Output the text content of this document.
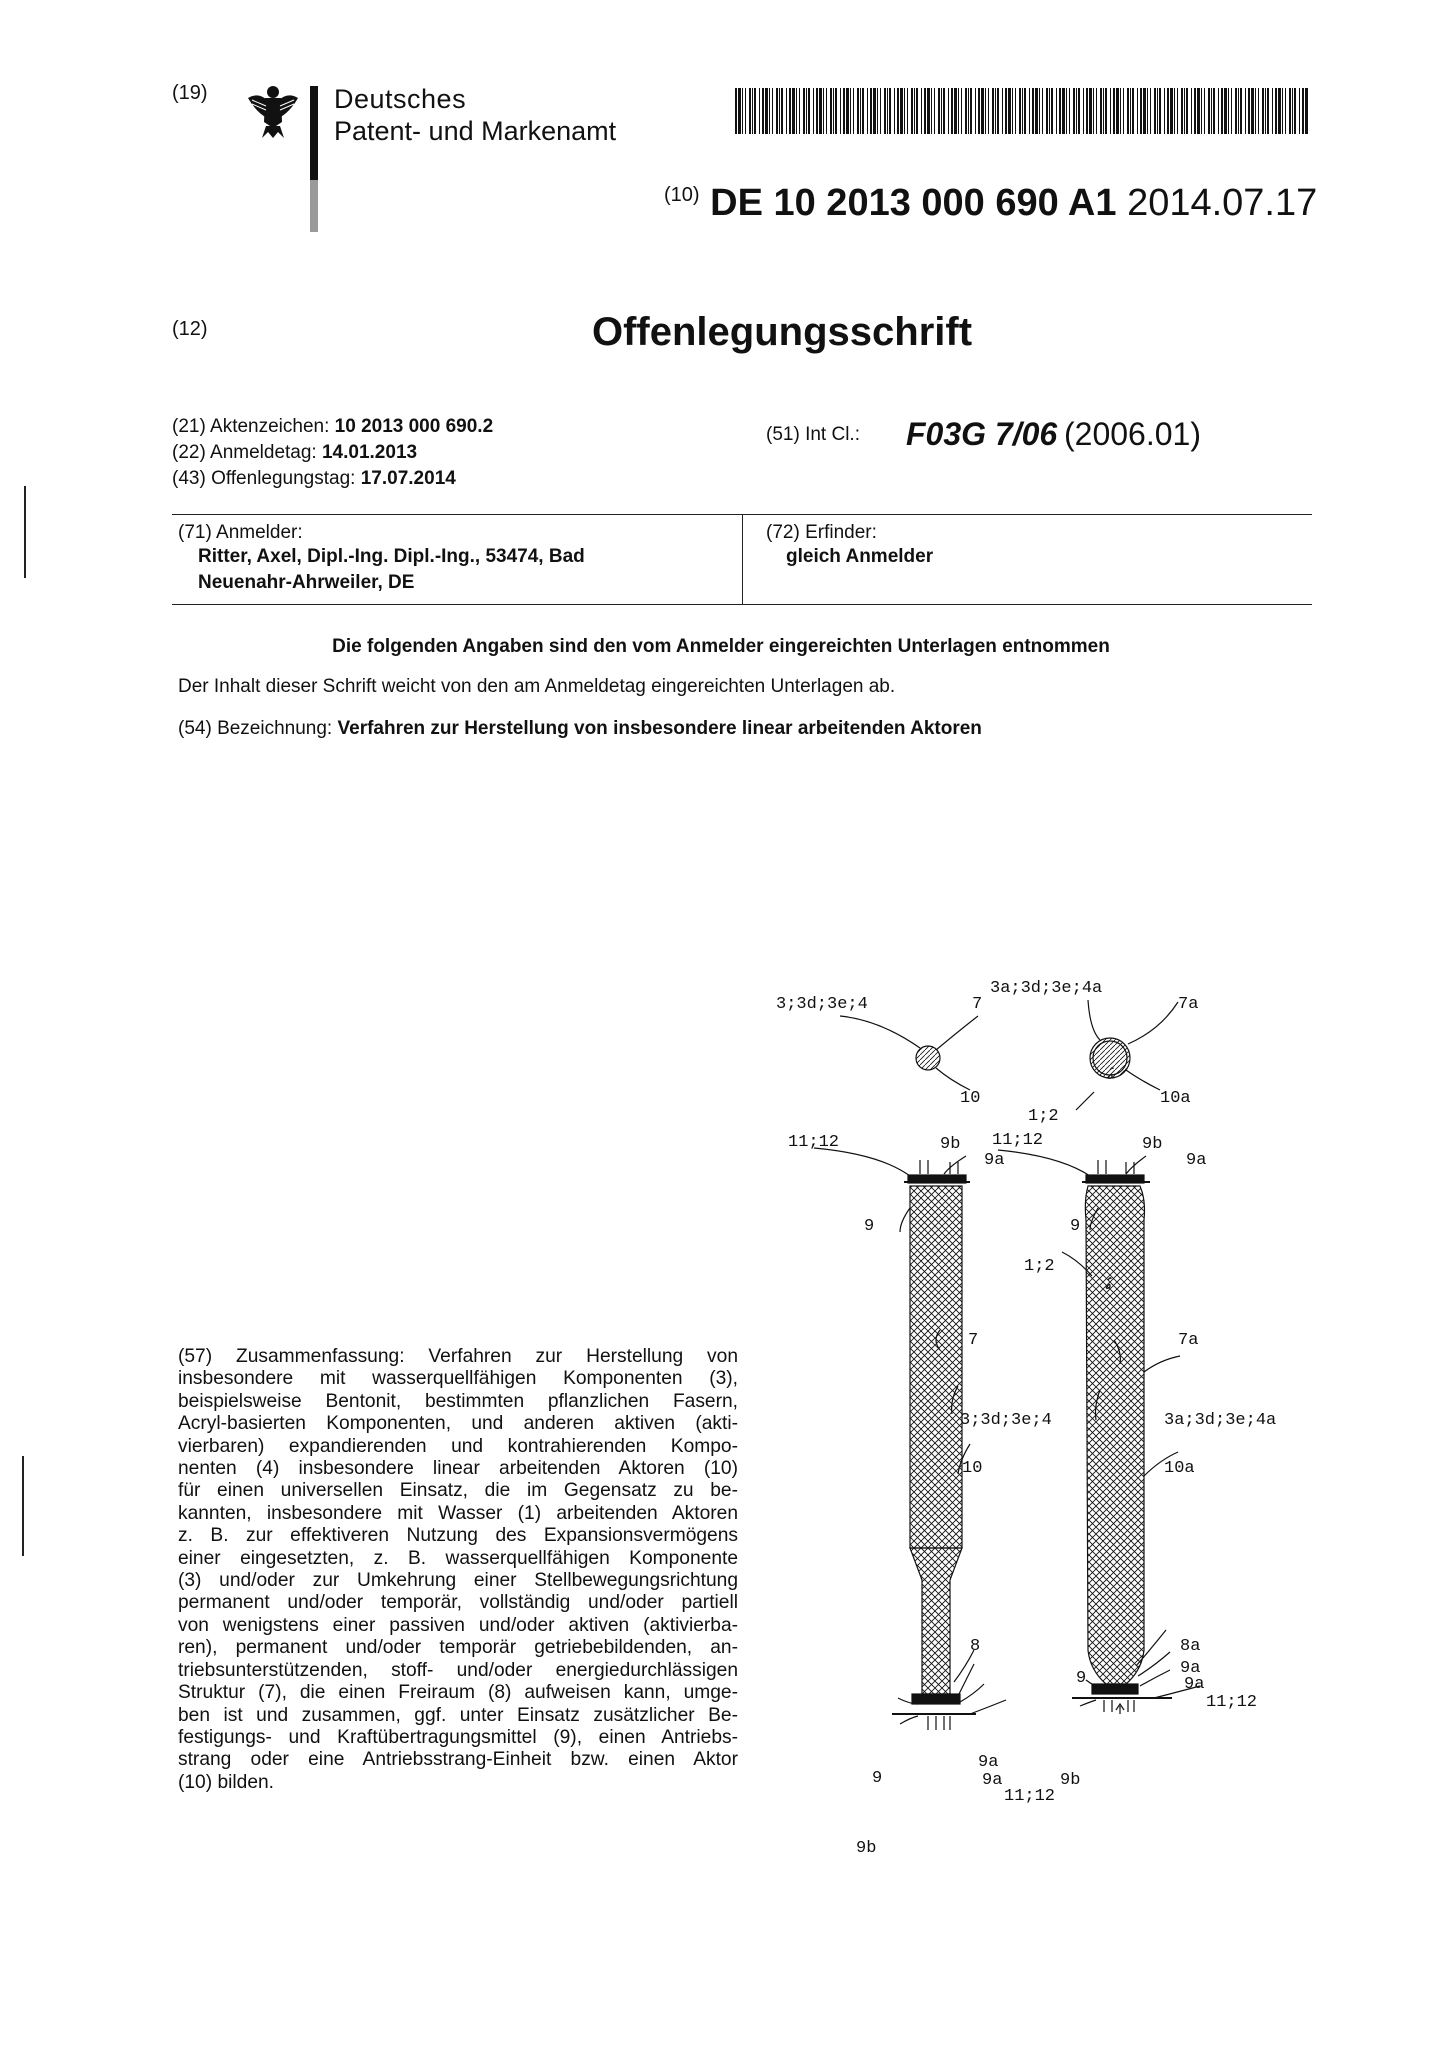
(19)	Deutsches
Patent- und Markenamt
$^{(10)}$ DE 10 2013 000 690 A1 2014.07.17
(12)	Offenlegungsschrift
(21) Aktenzeichen: 10 2013 000 690.2
(22) Anmeldetag: 14.01.2013
(43) Offenlegungstag: 17.07.2014
(51) Int Cl.: F03G 7/06 (2006.01)
(71) Anmelder:
Ritter, Axel, Dipl.-Ing. Dipl.-Ing., 53474, Bad
Neuenahr-Ahrweiler, DE
(72) Erfinder:
gleich Anmelder
Die folgenden Angaben sind den vom Anmelder eingereichten Unterlagen entnommen
Der Inhalt dieser Schrift weicht von den am Anmeldetag eingereichten Unterlagen ab.
(54) Bezeichnung: Verfahren zur Herstellung von insbesondere linear arbeitenden Aktoren
(57) Zusammenfassung: Verfahren zur Herstellung von
insbesondere mit wasserquellfähigen Komponenten (3),
beispielsweise Bentonit, bestimmten pflanzlichen Fasern,
Acryl-basierten Komponenten, und anderen aktiven (akti-
vierbaren) expandierenden und kontrahierenden Kompo-
nenten (4) insbesondere linear arbeitenden Aktoren (10)
für einen universellen Einsatz, die im Gegensatz zu be-
kannten, insbesondere mit Wasser (1) arbeitenden Aktoren
z. B. zur effektiveren Nutzung des Expansionsvermögens
einer eingesetzten, z. B. wasserquellfähigen Komponente
(3) und/oder zur Umkehrung einer Stellbewegungsrichtung
permanent und/oder temporär, vollständig und/oder partiell
von wenigstens einer passiven und/oder aktiven (aktivierba-
ren), permanent und/oder temporär getriebebildenden, an-
triebsunterstützenden, stoff- und/oder energiedurchlässigen
Struktur (7), die einen Freiraum (8) aufweisen kann, umge-
ben ist und zusammen, ggf. unter Einsatz zusätzlicher Be-
festigungs- und Kraftübertragungsmittel (9), einen Antriebs-
strang oder eine Antriebsstrang-Einheit bzw. einen Aktor
(10) bilden.
3;3d;3e;4	7
3a;3d;3e;4a
7a
10	10a
1;2
11;12	9b 11;12	9b
9a	9a
9	9
1;2
7	7a
3;3d;3e;4	3a;3d;3e;4a
10	10a
8	8a
9a
9	9a
11;12
9a
9	9a	9b
11;12
9b
